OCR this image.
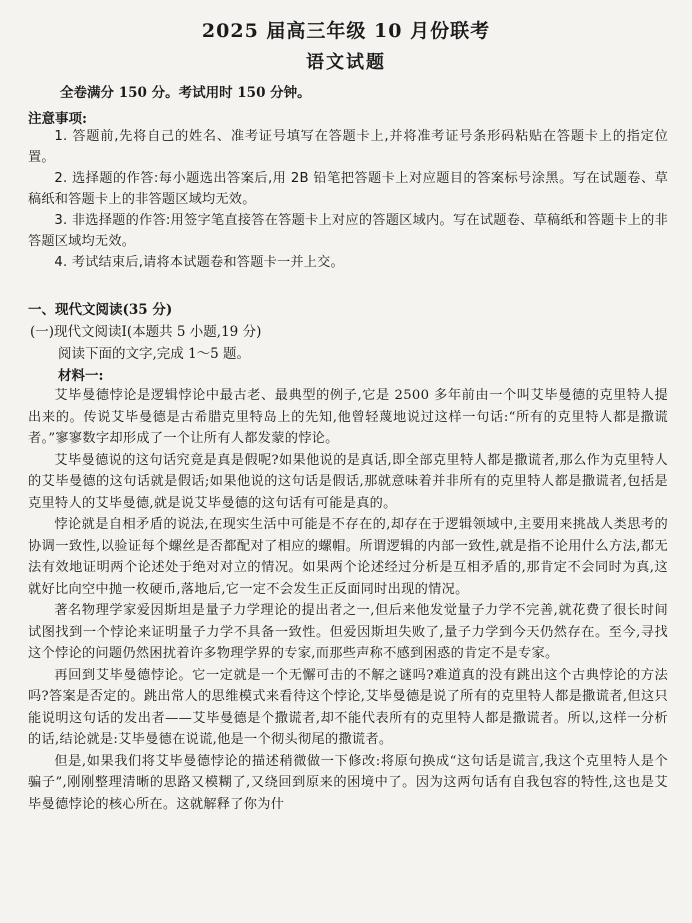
2025 届高三年级 10 月份联考
语文试题
全卷满分 150 分。考试用时 150 分钟。
注意事项:

1. 答题前,先将自己的姓名、准考证号填写在答题卡上,并将准考证号条形码粘贴在答题卡上的指定位置。

2. 选择题的作答:每小题选出答案后,用 2B 铅笔把答题卡上对应题目的答案标号涂黑。写在试题卷、草稿纸和答题卡上的非答题区域均无效。

3. 非选择题的作答:用签字笔直接答在答题卡上对应的答题区域内。写在试题卷、草稿纸和答题卡上的非答题区域均无效。

4. 考试结束后,请将本试题卷和答题卡一并上交。

一、现代文阅读(35 分)
(一)现代文阅读Ⅰ(本题共 5 小题,19 分)
阅读下面的文字,完成 1～5 题。
材料一:

艾毕曼德悖论是逻辑悖论中最古老、最典型的例子,它是 2500 多年前由一个叫艾毕曼德的克里特人提出来的。传说艾毕曼德是古希腊克里特岛上的先知,他曾轻蔑地说过这样一句话:“所有的克里特人都是撒谎者。”寥寥数字却形成了一个让所有人都发蒙的悖论。

艾毕曼德说的这句话究竟是真是假呢?如果他说的是真话,即全部克里特人都是撒谎者,那么作为克里特人的艾毕曼德的这句话就是假话;如果他说的这句话是假话,那就意味着并非所有的克里特人都是撒谎者,包括是克里特人的艾毕曼德,就是说艾毕曼德的这句话有可能是真的。

悖论就是自相矛盾的说法,在现实生活中可能是不存在的,却存在于逻辑领域中,主要用来挑战人类思考的协调一致性,以验证每个螺丝是否都配对了相应的螺帽。所谓逻辑的内部一致性,就是指不论用什么方法,都无法有效地证明两个论述处于绝对对立的情况。如果两个论述经过分析是互相矛盾的,那肯定不会同时为真,这就好比向空中抛一枚硬币,落地后,它一定不会发生正反面同时出现的情况。

著名物理学家爱因斯坦是量子力学理论的提出者之一,但后来他发觉量子力学不完善,就花费了很长时间试图找到一个悖论来证明量子力学不具备一致性。但爱因斯坦失败了,量子力学到今天仍然存在。至今,寻找这个悖论的问题仍然困扰着许多物理学界的专家,而那些声称不感到困惑的肯定不是专家。

再回到艾毕曼德悖论。它一定就是一个无懈可击的不解之谜吗?难道真的没有跳出这个古典悖论的方法吗?答案是否定的。跳出常人的思维模式来看待这个悖论,艾毕曼德是说了所有的克里特人都是撒谎者,但这只能说明这句话的发出者——艾毕曼德是个撒谎者,却不能代表所有的克里特人都是撒谎者。所以,这样一分析的话,结论就是:艾毕曼德在说谎,他是一个彻头彻尾的撒谎者。

但是,如果我们将艾毕曼德悖论的描述稍微做一下修改:将原句换成“这句话是谎言,我这个克里特人是个骗子”,刚刚整理清晰的思路又模糊了,又绕回到原来的困境中了。因为这两句话有自我包容的特性,这也是艾毕曼德悖论的核心所在。这就解释了你为什
